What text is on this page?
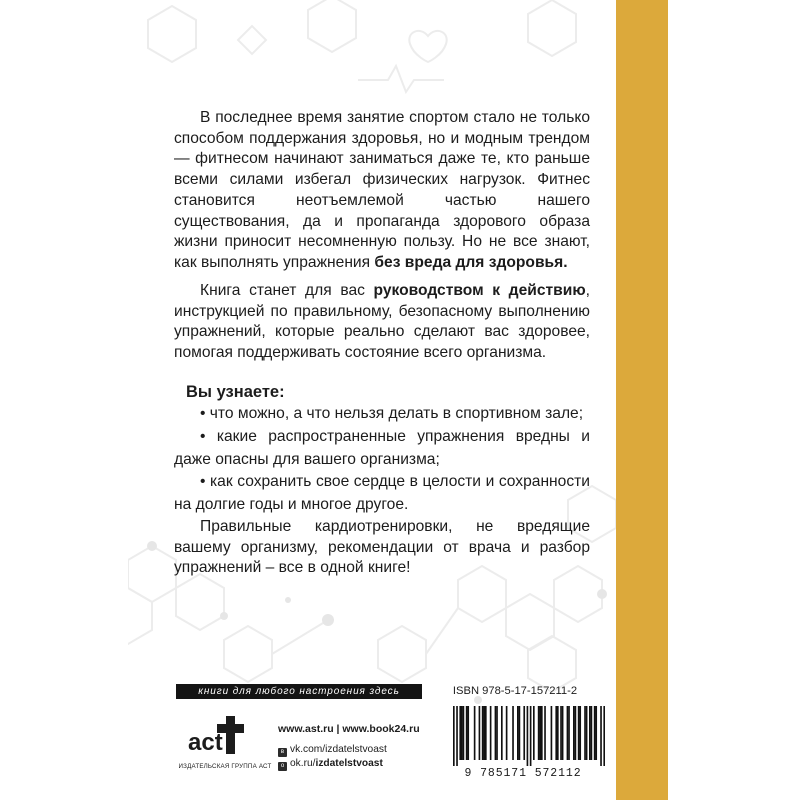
В последнее время занятие спортом стало не только способом поддержания здоровья, но и модным трендом — фитнесом начинают заниматься даже те, кто раньше всеми силами избегал физических нагрузок. Фитнес становится неотъемлемой частью нашего существования, да и пропаганда здорового образа жизни приносит несомненную пользу. Но не все знают, как выполнять упражнения без вреда для здоровья.

Книга станет для вас руководством к действию, инструкцией по правильному, безопасному выполнению упражнений, которые реально сделают вас здоровее, помогая поддерживать состояние всего организма.

Вы узнаете:

• что можно, а что нельзя делать в спортивном зале;
• какие распространенные упражнения вредны и даже опасны для вашего организма;
• как сохранить свое сердце в целости и сохранности на долгие годы и многое другое.

Правильные кардиотренировки, не вредящие вашему организму, рекомендации от врача и разбор упражнений – все в одной книге!

книги для любого настроения здесь	ISBN 978-5-17-157211-2
act
ИЗДАТЕЛЬСКАЯ ГРУППА АСТ
www.ast.ru | www.book24.ru
в vk.com/izdatelstvoast
о ok.ru/izdatelstvoast
9 785171 572112
